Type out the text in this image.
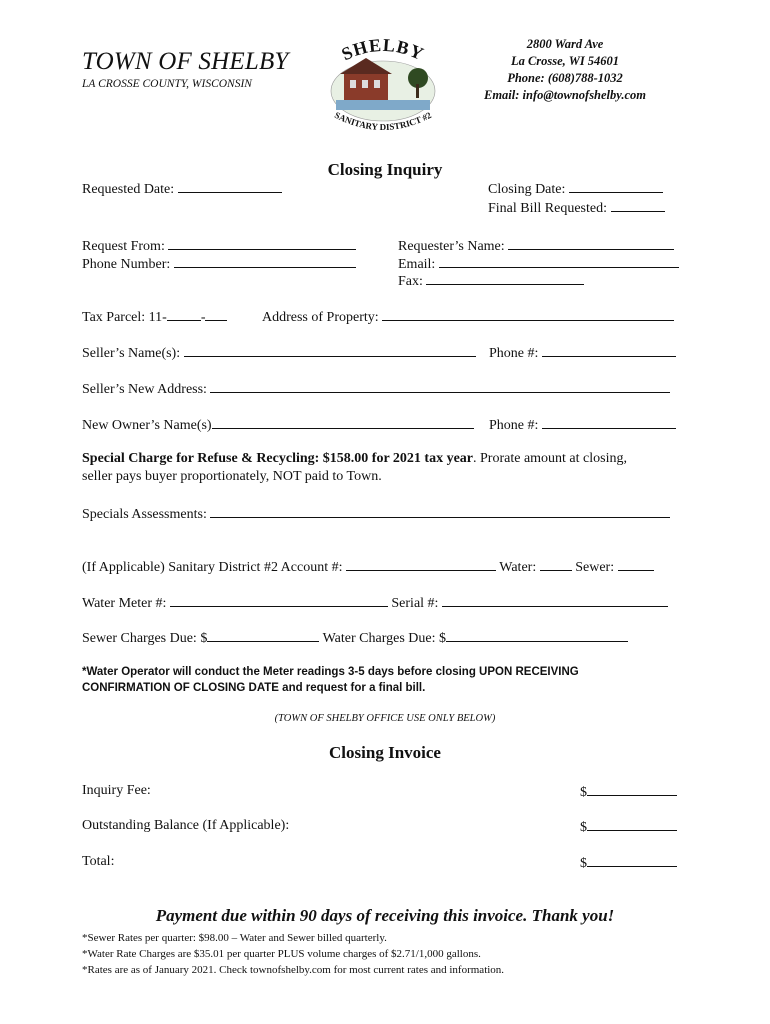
TOWN OF SHELBY
LA CROSSE COUNTY, WISCONSIN
SHELBY
SANITARY DISTRICT #2
2800 Ward Ave
La Crosse, WI 54601
Phone: (608)788-1032
Email: info@townofshelby.com
Closing Inquiry
Requested Date:	Closing Date:
Final Bill Requested:
Request From:
Phone Number:
Requester’s Name:
Email:
Fax:
Tax Parcel: 11- -	Address of Property:
Seller’s Name(s):	Phone #:
Seller’s New Address:
New Owner’s Name(s)	Phone #:
Special Charge for Refuse & Recycling: $158.00 for 2021 tax year. Prorate amount at closing,
seller pays buyer proportionately, NOT paid to Town.
Specials Assessments:
(If Applicable) Sanitary District #2 Account #:	Water:	Sewer:
Water Meter #:	Serial #:
Sewer Charges Due: $	Water Charges Due: $
*Water Operator will conduct the Meter readings 3-5 days before closing UPON RECEIVING
CONFIRMATION OF CLOSING DATE and request for a final bill.
(TOWN OF SHELBY OFFICE USE ONLY BELOW)
Closing Invoice
Inquiry Fee:	$
Outstanding Balance (If Applicable):	$
Total:	$
Payment due within 90 days of receiving this invoice. Thank you!
*Sewer Rates per quarter: $98.00 – Water and Sewer billed quarterly.
*Water Rate Charges are $35.01 per quarter PLUS volume charges of $2.71/1,000 gallons.
*Rates are as of January 2021. Check townofshelby.com for most current rates and information.
